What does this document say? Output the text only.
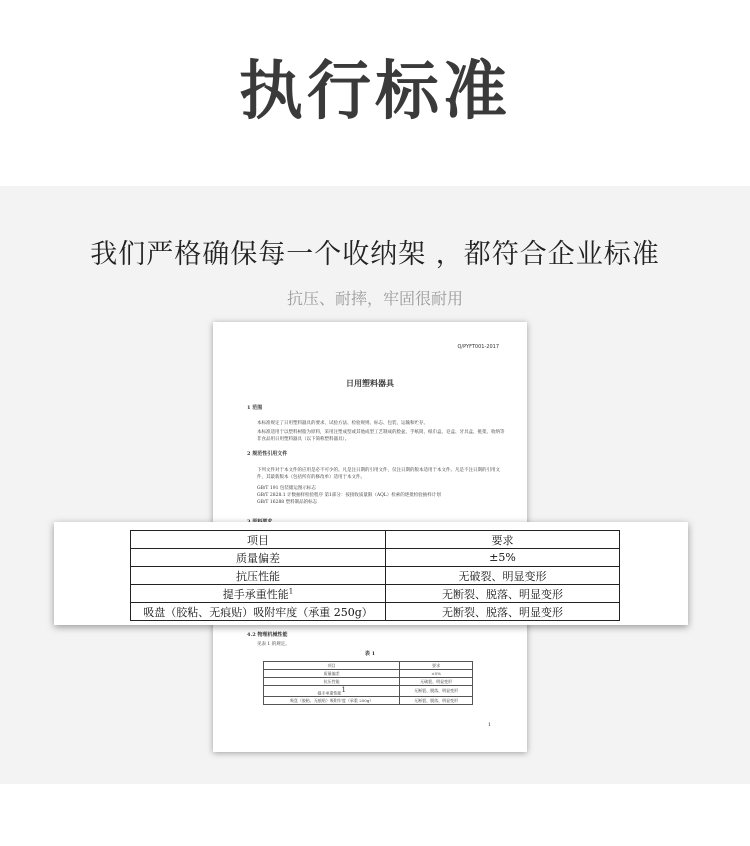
执行标准
我们严格确保每一个收纳架 ，都符合企业标准
抗压、耐摔，牢固很耐用
Q/PYFT001-2017
日用塑料器具
1 范围
本标准规定了日用塑料器具的要求、试验方法、检验规则、标志、包装、运输和贮存。
本标准适用于以塑料树脂为原料，采用注塑成型或其他成型工艺制成的脸盆、手纸筒、纸巾盒、皂盒、牙具盒、挑架、收纳等非食品用日用塑料器具（以下简称塑料器具）。
2 规范性引用文件
下列文件对于本文件的应用是必不可少的。凡是注日期的引用文件，仅注日期的版本适用于本文件。凡是不注日期的引用文件，其最新版本（包括所有的修改单）适用于本文件。
GB/T 191 包装储运图示标志
GB/T 2828.1 计数抽样检验程序 第1部分：按接收质量限（AQL）检索的逐批检验抽样计划
GB/T 16288 塑料制品的标志
4.2 物理机械性能
见表 1 的规定。
表 1
项目	要求
质量偏差	±5%
抗压性能	无破裂、明显变形
提手承重性能$^1$	无断裂、脱落、明显变形
吸盘（胶粘、无痕贴）吸附牢度（承重 250g）	无断裂、脱落、明显变形
1
项目	要求
质量偏差	±5%
抗压性能	无破裂、明显变形
提手承重性能$^1$	无断裂、脱落、明显变形
吸盘（胶粘、无痕贴）吸附牢度（承重 250g）	无断裂、脱落、明显变形
